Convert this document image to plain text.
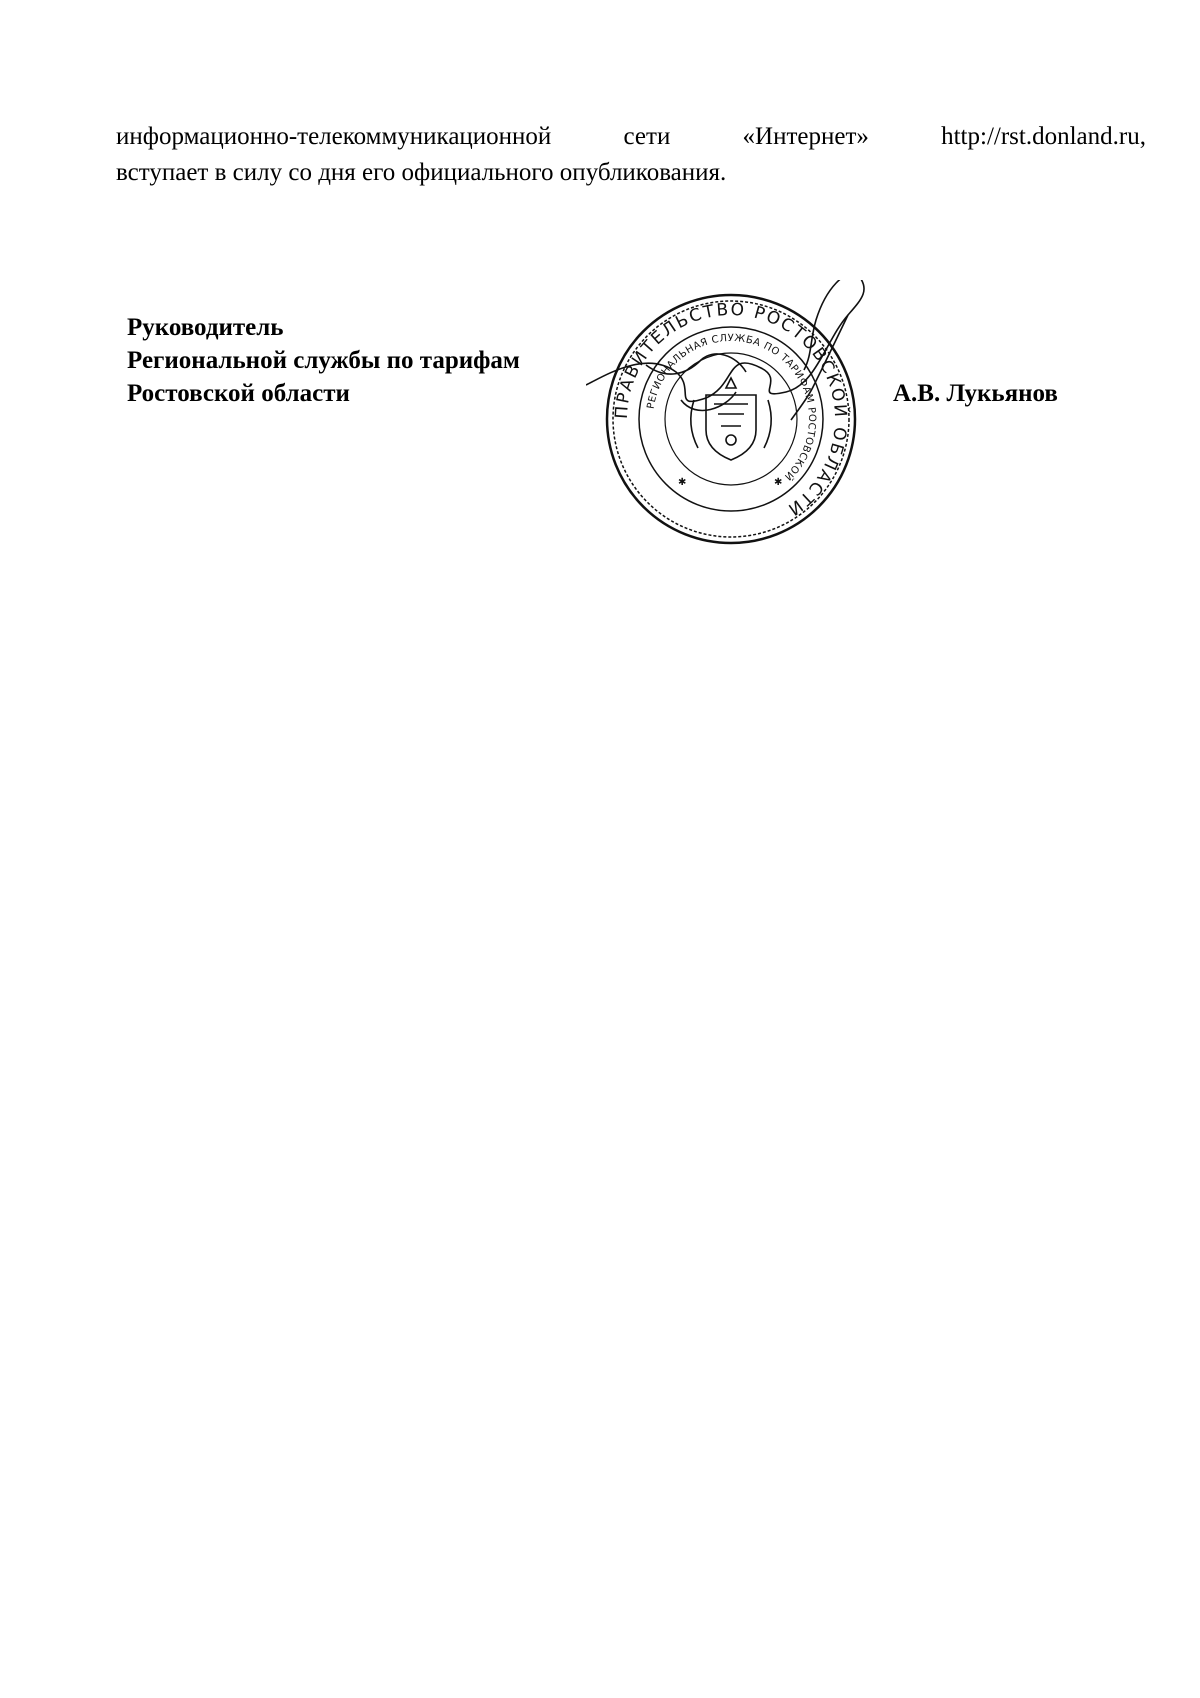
информационно-телекоммуникационной	сети	«Интернет»	http://rst.donland.ru,
вступает в силу со дня его официального опубликования.
Руководитель
Региональной службы по тарифам
Ростовской области
ПРАВИТЕЛЬСТВО РОСТОВСКОЙ ОБЛАСТИ
РЕГИОНАЛЬНАЯ СЛУЖБА ПО ТАРИФАМ РОСТОВСКОЙ
✱	✱
А.В. Лукьянов
